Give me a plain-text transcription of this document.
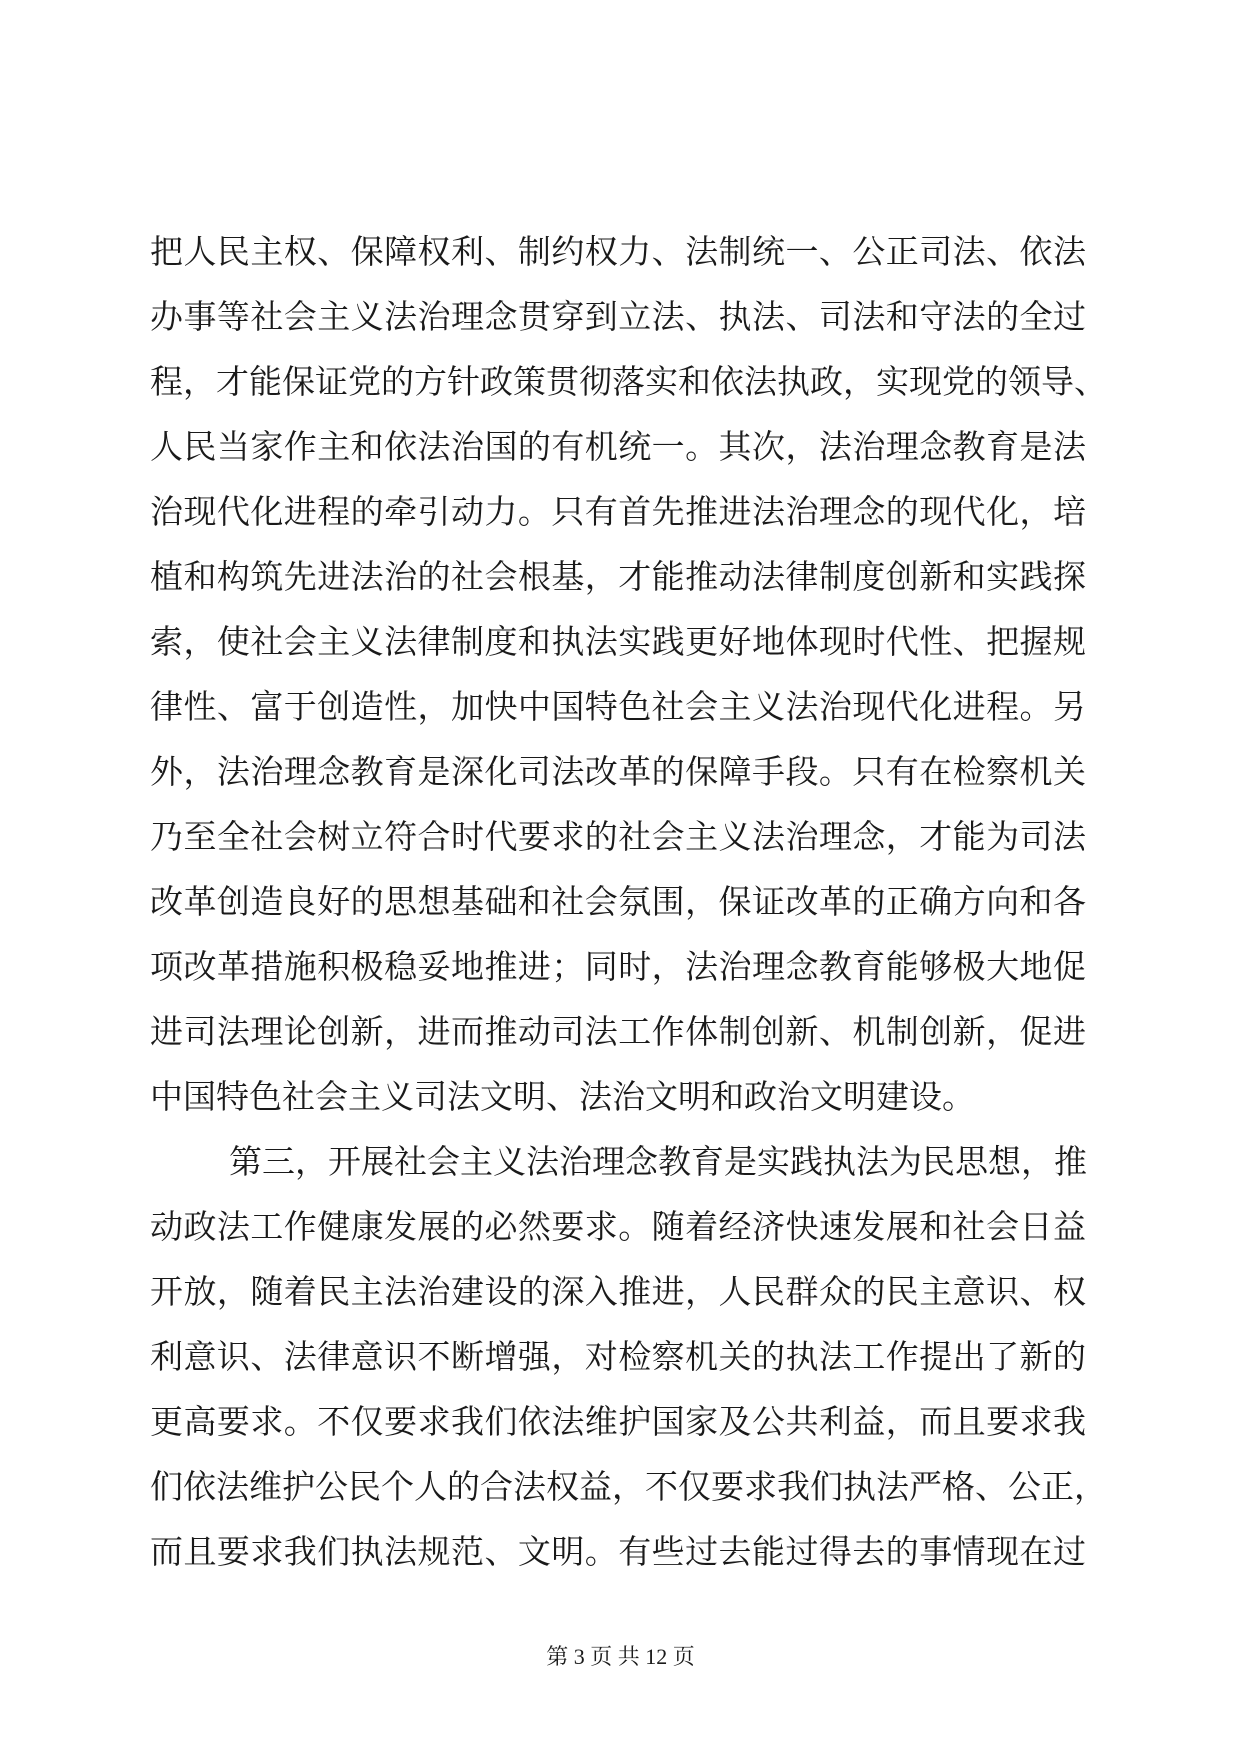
把人民主权、保障权利、制约权力、法制统一、公正司法、依法
办事等社会主义法治理念贯穿到立法、执法、司法和守法的全过
程，才能保证党的方针政策贯彻落实和依法执政，实现党的领导、
人民当家作主和依法治国的有机统一。其次，法治理念教育是法
治现代化进程的牵引动力。只有首先推进法治理念的现代化，培
植和构筑先进法治的社会根基，才能推动法律制度创新和实践探
索，使社会主义法律制度和执法实践更好地体现时代性、把握规
律性、富于创造性，加快中国特色社会主义法治现代化进程。另
外，法治理念教育是深化司法改革的保障手段。只有在检察机关
乃至全社会树立符合时代要求的社会主义法治理念，才能为司法
改革创造良好的思想基础和社会氛围，保证改革的正确方向和各
项改革措施积极稳妥地推进；同时，法治理念教育能够极大地促
进司法理论创新，进而推动司法工作体制创新、机制创新，促进
中国特色社会主义司法文明、法治文明和政治文明建设。
第三，开展社会主义法治理念教育是实践执法为民思想，推
动政法工作健康发展的必然要求。随着经济快速发展和社会日益
开放，随着民主法治建设的深入推进，人民群众的民主意识、权
利意识、法律意识不断增强，对检察机关的执法工作提出了新的
更高要求。不仅要求我们依法维护国家及公共利益，而且要求我
们依法维护公民个人的合法权益，不仅要求我们执法严格、公正，
而且要求我们执法规范、文明。有些过去能过得去的事情现在过
第 3 页 共 12 页
